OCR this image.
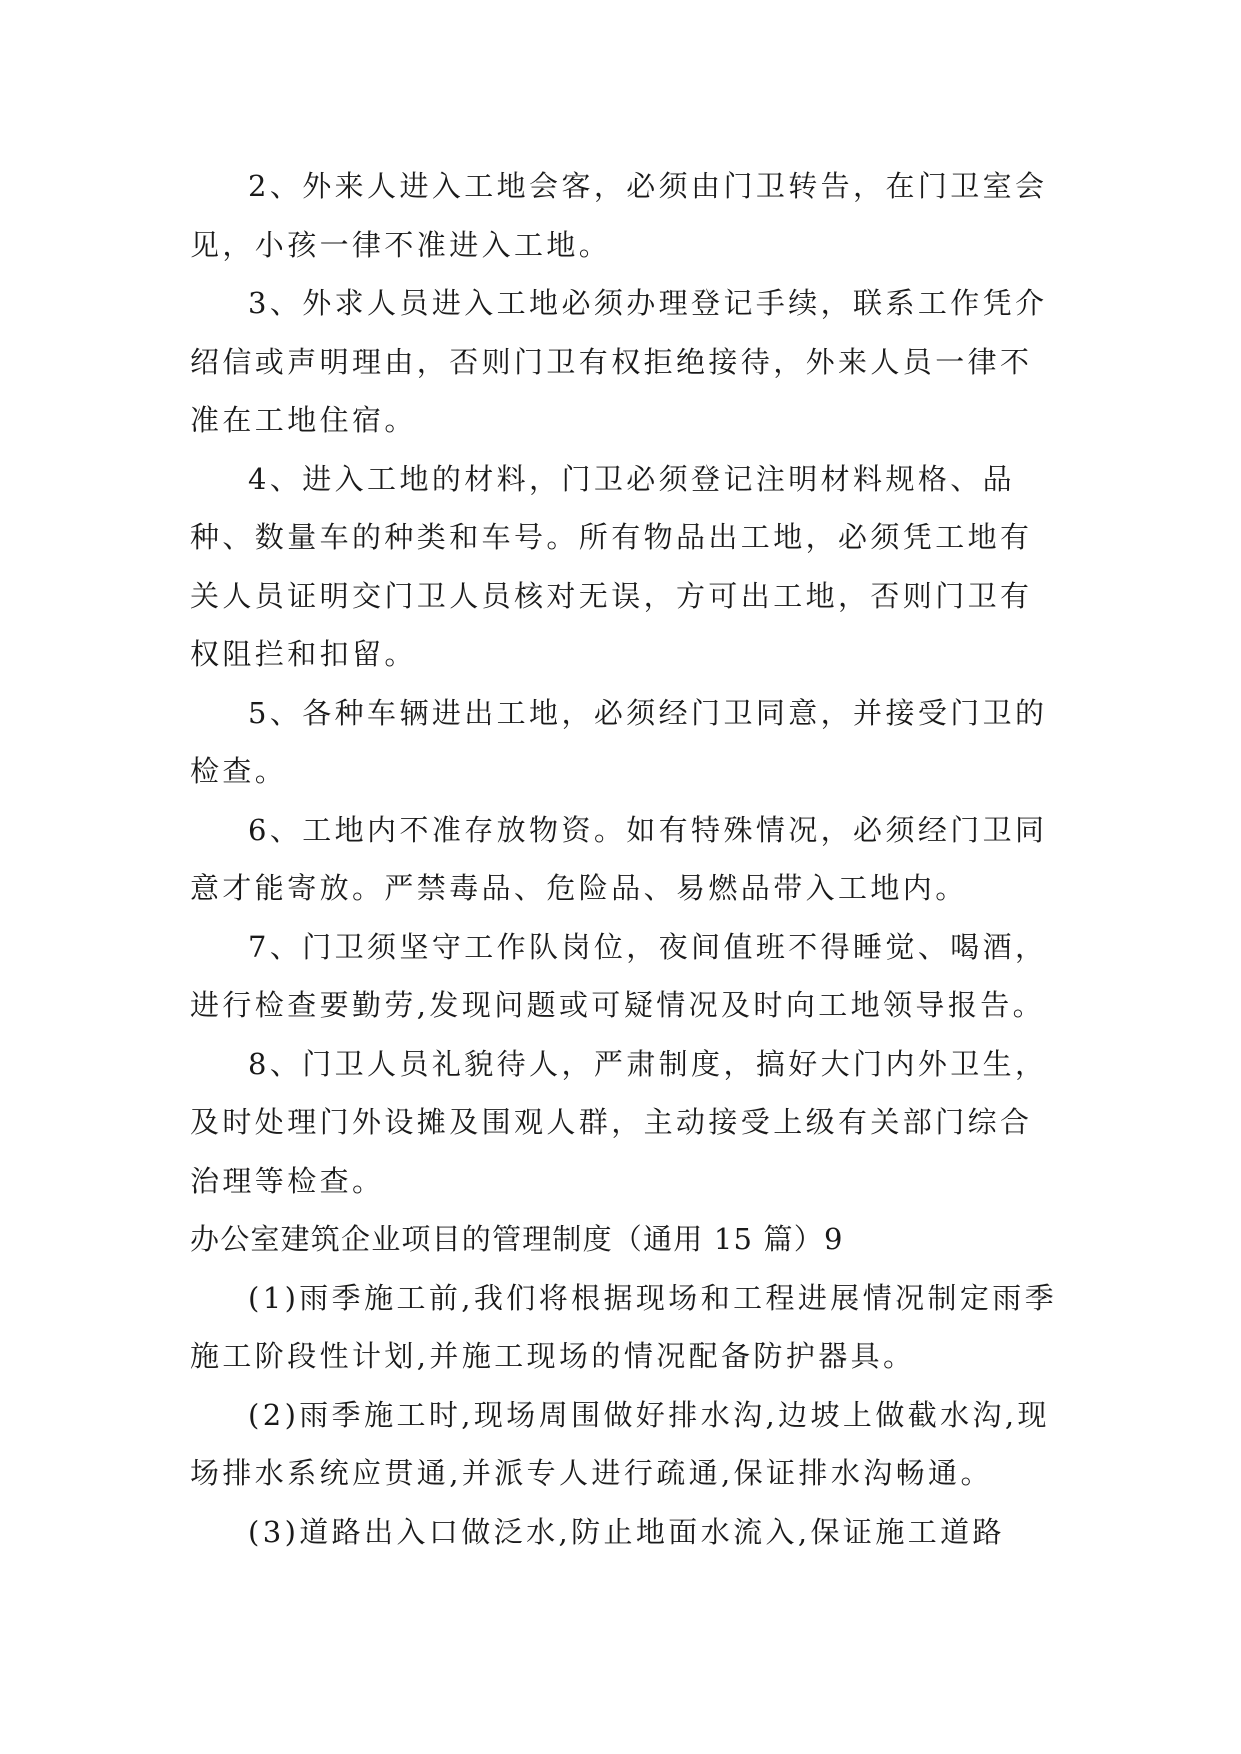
2、外来人进入工地会客，必须由门卫转告，在门卫室会见，小孩一律不准进入工地。

3、外求人员进入工地必须办理登记手续，联系工作凭介绍信或声明理由，否则门卫有权拒绝接待，外来人员一律不准在工地住宿。

4、进入工地的材料，门卫必须登记注明材料规格、品种、数量车的种类和车号。所有物品出工地，必须凭工地有关人员证明交门卫人员核对无误，方可出工地，否则门卫有权阻拦和扣留。

5、各种车辆进出工地，必须经门卫同意，并接受门卫的检查。

6、工地内不准存放物资。如有特殊情况，必须经门卫同意才能寄放。严禁毒品、危险品、易燃品带入工地内。

7、门卫须坚守工作队岗位，夜间值班不得睡觉、喝酒，进行检查要勤劳,发现问题或可疑情况及时向工地领导报告。

8、门卫人员礼貌待人，严肃制度，搞好大门内外卫生，及时处理门外设摊及围观人群，主动接受上级有关部门综合治理等检查。

办公室建筑企业项目的管理制度（通用 15 篇）9

(1)雨季施工前,我们将根据现场和工程进展情况制定雨季施工阶段性计划,并施工现场的情况配备防护器具。

(2)雨季施工时,现场周围做好排水沟,边坡上做截水沟,现场排水系统应贯通,并派专人进行疏通,保证排水沟畅通。

(3)道路出入口做泛水,防止地面水流入,保证施工道路
